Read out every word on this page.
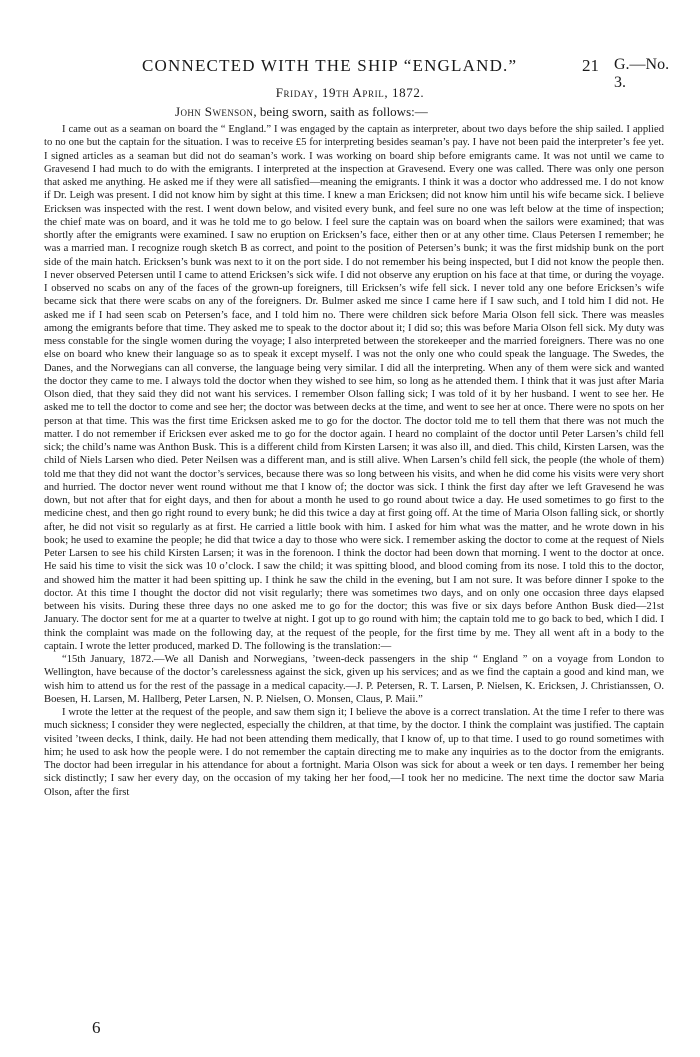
CONNECTED WITH THE SHIP “ENGLAND.”	21 G.—No. 3.
Friday, 19th April, 1872.
John Swenson, being sworn, saith as follows:—

I came out as a seaman on board the “ England.” I was engaged by the captain as interpreter, about two days before the ship sailed. I applied to no one but the captain for the situation. I was to receive £5 for interpreting besides seaman’s pay. I have not been paid the interpreter’s fee yet. I signed articles as a seaman but did not do seaman’s work. I was working on board ship before emigrants came. It was not until we came to Gravesend I had much to do with the emigrants. I interpreted at the inspection at Gravesend. Every one was called. There was only one person that asked me anything. He asked me if they were all satisfied—meaning the emigrants. I think it was a doctor who addressed me. I do not know if Dr. Leigh was present. I did not know him by sight at this time. I knew a man Ericksen; did not know him until his wife became sick. I believe Ericksen was inspected with the rest. I went down below, and visited every bunk, and feel sure no one was left below at the time of inspection; the chief mate was on board, and it was he told me to go below. I feel sure the captain was on board when the sailors were examined; that was shortly after the emigrants were examined. I saw no eruption on Ericksen’s face, either then or at any other time. Claus Petersen I remember; he was a married man. I recognize rough sketch B as correct, and point to the position of Petersen’s bunk; it was the first midship bunk on the port side of the main hatch. Ericksen’s bunk was next to it on the port side. I do not remember his being inspected, but I did not know the people then. I never observed Petersen until I came to attend Ericksen’s sick wife. I did not observe any eruption on his face at that time, or during the voyage. I observed no scabs on any of the faces of the grown-up foreigners, till Ericksen’s wife fell sick. I never told any one before Ericksen’s wife became sick that there were scabs on any of the foreigners. Dr. Bulmer asked me since I came here if I saw such, and I told him I did not. He asked me if I had seen scab on Petersen’s face, and I told him no. There were children sick before Maria Olson fell sick. There was measles among the emigrants before that time. They asked me to speak to the doctor about it; I did so; this was before Maria Olson fell sick. My duty was mess constable for the single women during the voyage; I also interpreted between the storekeeper and the married foreigners. There was no one else on board who knew their language so as to speak it except myself. I was not the only one who could speak the language. The Swedes, the Danes, and the Norwegians can all converse, the language being very similar. I did all the interpreting. When any of them were sick and wanted the doctor they came to me. I always told the doctor when they wished to see him, so long as he attended them. I think that it was just after Maria Olson died, that they said they did not want his services. I remember Olson falling sick; I was told of it by her husband. I went to see her. He asked me to tell the doctor to come and see her; the doctor was between decks at the time, and went to see her at once. There were no spots on her person at that time. This was the first time Ericksen asked me to go for the doctor. The doctor told me to tell them that there was not much the matter. I do not remember if Ericksen ever asked me to go for the doctor again. I heard no complaint of the doctor until Peter Larsen’s child fell sick; the child’s name was Anthon Busk. This is a different child from Kirsten Larsen; it was also ill, and died. This child, Kirsten Larsen, was the child of Niels Larsen who died. Peter Neilsen was a different man, and is still alive. When Larsen’s child fell sick, the people (the whole of them) told me that they did not want the doctor’s services, because there was so long between his visits, and when he did come his visits were very short and hurried. The doctor never went round without me that I know of; the doctor was sick. I think the first day after we left Gravesend he was down, but not after that for eight days, and then for about a month he used to go round about twice a day. He used sometimes to go first to the medicine chest, and then go right round to every bunk; he did this twice a day at first going off. At the time of Maria Olson falling sick, or shortly after, he did not visit so regularly as at first. He carried a little book with him. I asked for him what was the matter, and he wrote down in his book; he used to examine the people; he did that twice a day to those who were sick. I remember asking the doctor to come at the request of Niels Peter Larsen to see his child Kirsten Larsen; it was in the forenoon. I think the doctor had been down that morning. I went to the doctor at once. He said his time to visit the sick was 10 o’clock. I saw the child; it was spitting blood, and blood coming from its nose. I told this to the doctor, and showed him the matter it had been spitting up. I think he saw the child in the evening, but I am not sure. It was before dinner I spoke to the doctor. At this time I thought the doctor did not visit regularly; there was sometimes two days, and on only one occasion three days elapsed between his visits. During these three days no one asked me to go for the doctor; this was five or six days before Anthon Busk died—21st January. The doctor sent for me at a quarter to twelve at night. I got up to go round with him; the captain told me to go back to bed, which I did. I think the complaint was made on the following day, at the request of the people, for the first time by me. They all went aft in a body to the captain. I wrote the letter produced, marked D. The following is the translation:—

“15th January, 1872.—We all Danish and Norwegians, ’tween-deck passengers in the ship “ England ” on a voyage from London to Wellington, have because of the doctor’s carelessness against the sick, given up his services; and as we find the captain a good and kind man, we wish him to attend us for the rest of the passage in a medical capacity.—J. P. Petersen, R. T. Larsen, P. Nielsen, K. Ericksen, J. Christianssen, O. Boesen, H. Larsen, M. Hallberg, Peter Larsen, N. P. Nielsen, O. Monsen, Claus, P. Maii.”

I wrote the letter at the request of the people, and saw them sign it; I believe the above is a correct translation. At the time I refer to there was much sickness; I consider they were neglected, especially the children, at that time, by the doctor. I think the complaint was justified. The captain visited ’tween decks, I think, daily. He had not been attending them medically, that I know of, up to that time. I used to go round sometimes with him; he used to ask how the people were. I do not remember the captain directing me to make any inquiries as to the doctor from the emigrants. The doctor had been irregular in his attendance for about a fortnight. Maria Olson was sick for about a week or ten days. I remember her being sick distinctly; I saw her every day, on the occasion of my taking her her food,—I took her no medicine. The next time the doctor saw Maria Olson, after the first

6
